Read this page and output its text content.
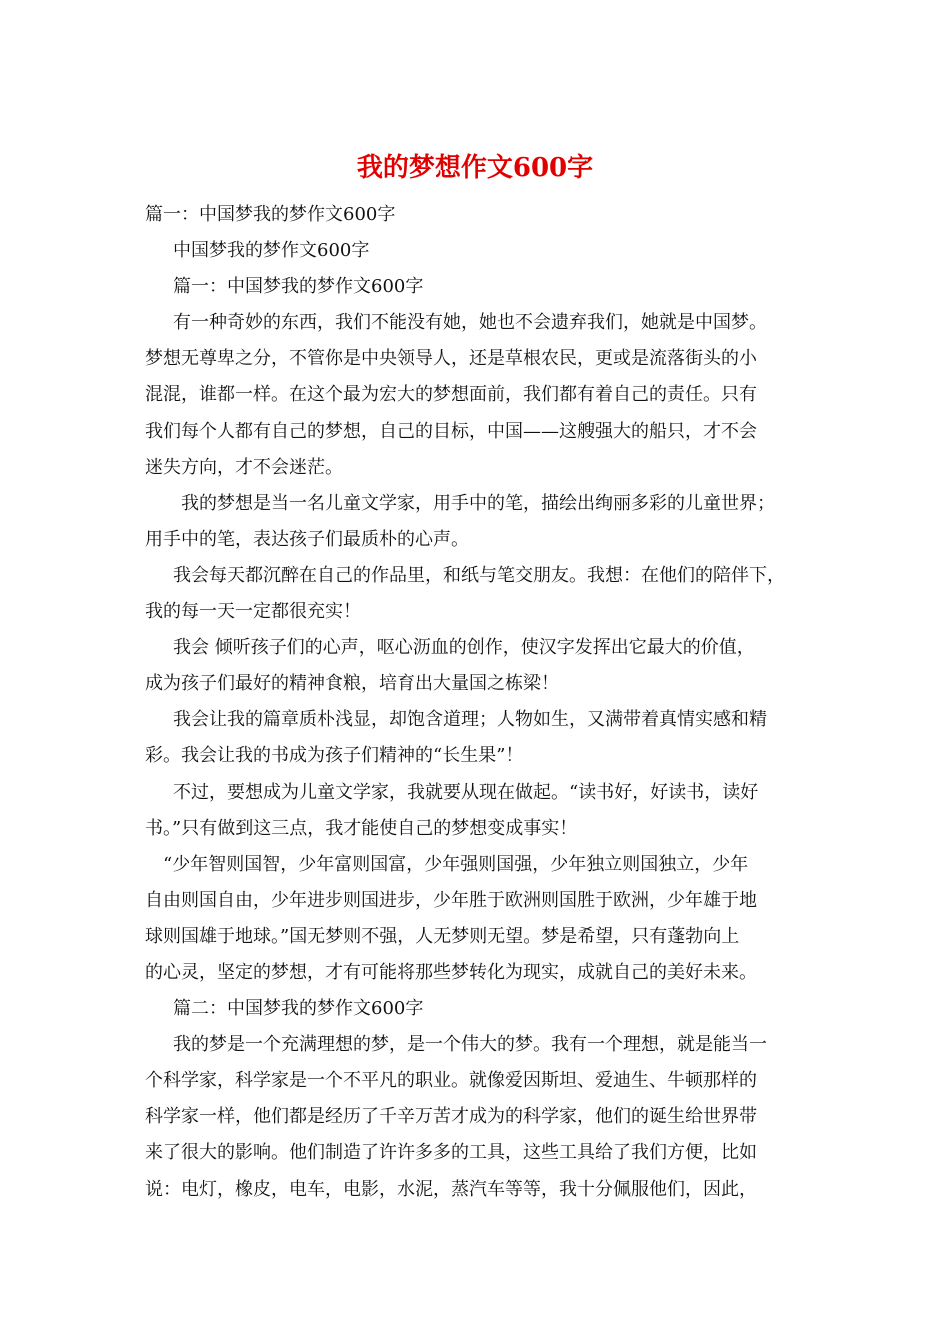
我的梦想作文600字

篇一：中国梦我的梦作文600字

中国梦我的梦作文600字

篇一：中国梦我的梦作文600字

有一种奇妙的东西，我们不能没有她，她也不会遗弃我们，她就是中国梦。

梦想无尊卑之分，不管你是中央领导人，还是草根农民，更或是流落街头的小

混混，谁都一样。在这个最为宏大的梦想面前，我们都有着自己的责任。只有

我们每个人都有自己的梦想，自己的目标，中国——这艘强大的船只，才不会

迷失方向，才不会迷茫。

我的梦想是当一名儿童文学家，用手中的笔，描绘出绚丽多彩的儿童世界；

用手中的笔，表达孩子们最质朴的心声。

我会每天都沉醉在自己的作品里，和纸与笔交朋友。我想：在他们的陪伴下，

我的每一天一定都很充实！

我会 倾听孩子们的心声，呕心沥血的创作，使汉字发挥出它最大的价值，

成为孩子们最好的精神食粮，培育出大量国之栋梁！

我会让我的篇章质朴浅显，却饱含道理；人物如生，又满带着真情实感和精

彩。我会让我的书成为孩子们精神的“长生果”！

不过，要想成为儿童文学家，我就要从现在做起。“读书好，好读书，读好

书。”只有做到这三点，我才能使自己的梦想变成事实！

“少年智则国智，少年富则国富，少年强则国强，少年独立则国独立，少年

自由则国自由，少年进步则国进步，少年胜于欧洲则国胜于欧洲，少年雄于地

球则国雄于地球。”国无梦则不强，人无梦则无望。梦是希望，只有蓬勃向上

的心灵，坚定的梦想，才有可能将那些梦转化为现实，成就自己的美好未来。

篇二：中国梦我的梦作文600字

我的梦是一个充满理想的梦，是一个伟大的梦。我有一个理想，就是能当一

个科学家，科学家是一个不平凡的职业。就像爱因斯坦、爱迪生、牛顿那样的

科学家一样，他们都是经历了千辛万苦才成为的科学家，他们的诞生给世界带

来了很大的影响。他们制造了许许多多的工具，这些工具给了我们方便，比如

说：电灯，橡皮，电车，电影，水泥，蒸汽车等等，我十分佩服他们，因此，
